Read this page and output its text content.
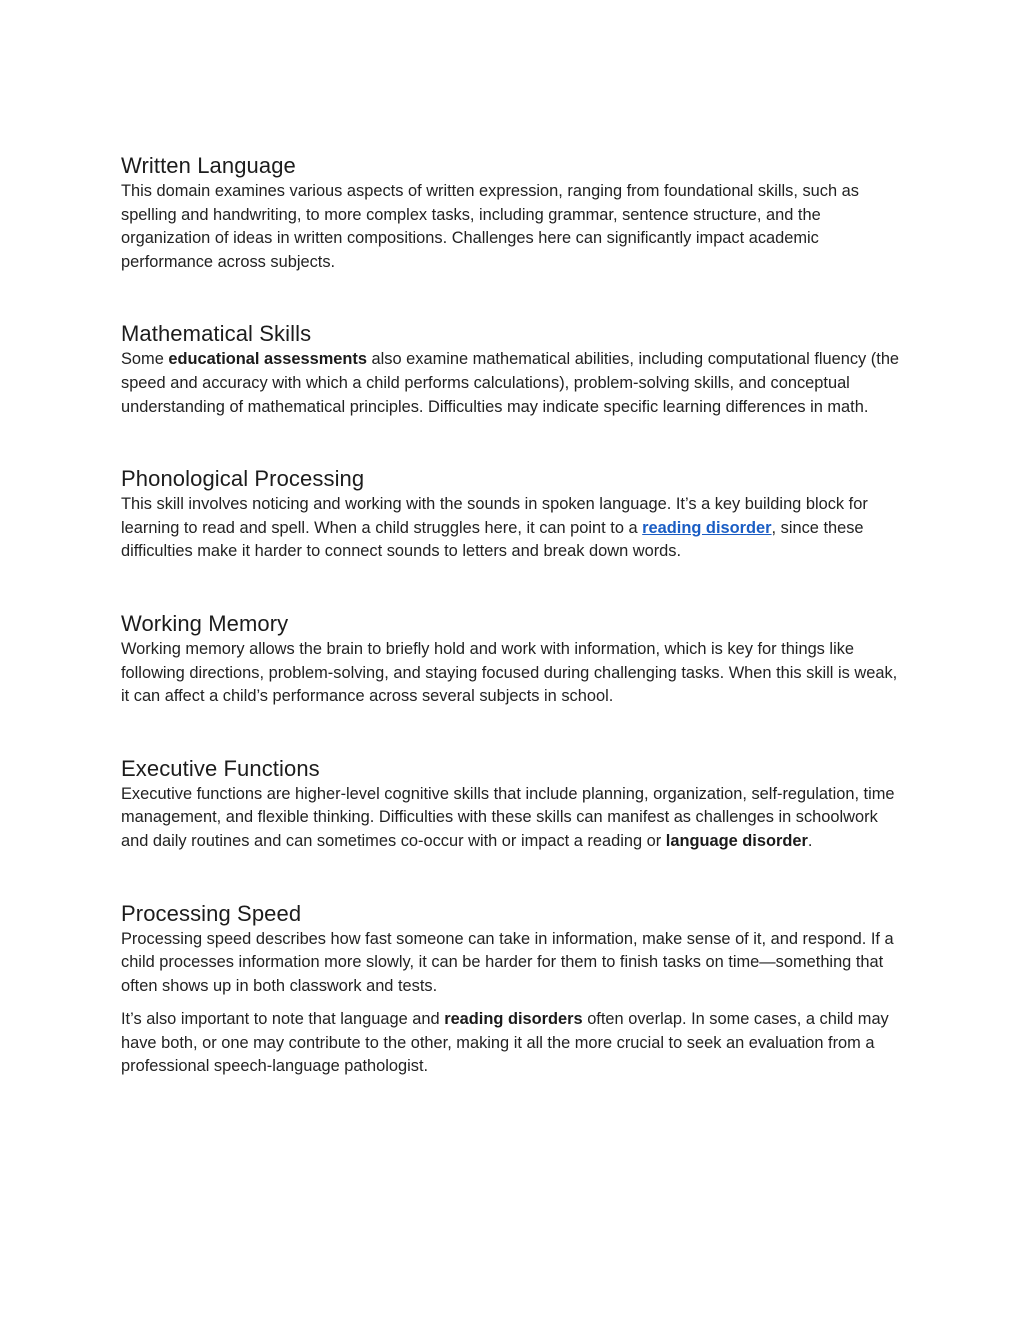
Written Language

This domain examines various aspects of written expression, ranging from foundational skills, such as spelling and handwriting, to more complex tasks, including grammar, sentence structure, and the organization of ideas in written compositions. Challenges here can significantly impact academic performance across subjects.

Mathematical Skills

Some educational assessments also examine mathematical abilities, including computational fluency (the speed and accuracy with which a child performs calculations), problem-solving skills, and conceptual understanding of mathematical principles. Difficulties may indicate specific learning differences in math.

Phonological Processing

This skill involves noticing and working with the sounds in spoken language. It’s a key building block for learning to read and spell. When a child struggles here, it can point to a reading disorder, since these difficulties make it harder to connect sounds to letters and break down words.

Working Memory

Working memory allows the brain to briefly hold and work with information, which is key for things like following directions, problem-solving, and staying focused during challenging tasks. When this skill is weak, it can affect a child’s performance across several subjects in school.

Executive Functions

Executive functions are higher-level cognitive skills that include planning, organization, self-regulation, time management, and flexible thinking. Difficulties with these skills can manifest as challenges in schoolwork and daily routines and can sometimes co-occur with or impact a reading or language disorder.

Processing Speed

Processing speed describes how fast someone can take in information, make sense of it, and respond. If a child processes information more slowly, it can be harder for them to finish tasks on time—something that often shows up in both classwork and tests.

It’s also important to note that language and reading disorders often overlap. In some cases, a child may have both, or one may contribute to the other, making it all the more crucial to seek an evaluation from a professional speech-language pathologist.
